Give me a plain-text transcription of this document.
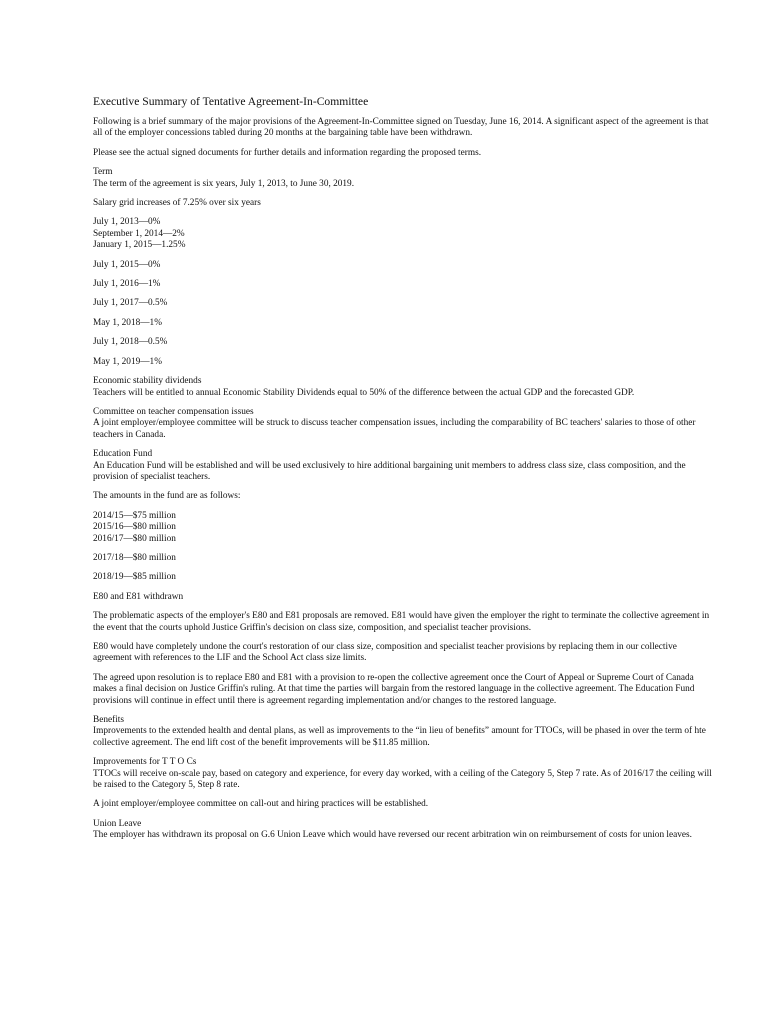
Executive Summary of Tentative Agreement-In-Committee
Following is a brief summary of the major provisions of the Agreement-In-Committee signed on Tuesday, June 16, 2014. A significant aspect of the agreement is that all of the employer concessions tabled during 20 months at the bargaining table have been withdrawn.
Please see the actual signed documents for further details and information regarding the proposed terms.
Term
The term of the agreement is six years, July 1, 2013, to June 30, 2019.
Salary grid increases of 7.25% over six years
July 1, 2013—0%
September 1, 2014—2%
January 1, 2015—1.25%
July 1, 2015—0%
July 1, 2016—1%
July 1, 2017—0.5%
May 1, 2018—1%
July 1, 2018—0.5%
May 1, 2019—1%
Economic stability dividends
Teachers will be entitled to annual Economic Stability Dividends equal to 50% of the difference between the actual GDP and the forecasted GDP.
Committee on teacher compensation issues
A joint employer/employee committee will be struck to discuss teacher compensation issues, including the comparability of BC teachers' salaries to those of other teachers in Canada.
Education Fund
An Education Fund will be established and will be used exclusively to hire additional bargaining unit members to address class size, class composition, and the provision of specialist teachers.
The amounts in the fund are as follows:
2014/15—$75 million
2015/16—$80 million
2016/17—$80 million
2017/18—$80 million
2018/19—$85 million
E80 and E81 withdrawn
The problematic aspects of the employer's E80 and E81 proposals are removed. E81 would have given the employer the right to terminate the collective agreement in the event that the courts uphold Justice Griffin's decision on class size, composition, and specialist teacher provisions.
E80 would have completely undone the court's restoration of our class size, composition and specialist teacher provisions by replacing them in our collective agreement with references to the LIF and the School Act class size limits.
The agreed upon resolution is to replace E80 and E81 with a provision to re-open the collective agreement once the Court of Appeal or Supreme Court of Canada makes a final decision on Justice Griffin's ruling. At that time the parties will bargain from the restored language in the collective agreement. The Education Fund provisions will continue in effect until there is agreement regarding implementation and/or changes to the restored language.
Benefits
Improvements to the extended health and dental plans, as well as improvements to the “in lieu of benefits” amount for TTOCs, will be phased in over the term of hte collective agreement. The end lift cost of the benefit improvements will be $11.85 million.
Improvements for T T O Cs
TTOCs will receive on-scale pay, based on category and experience, for every day worked, with a ceiling of the Category 5, Step 7 rate. As of 2016/17 the ceiling will be raised to the Category 5, Step 8 rate.
A joint employer/employee committee on call-out and hiring practices will be established.
Union Leave
The employer has withdrawn its proposal on G.6 Union Leave which would have reversed our recent arbitration win on reimbursement of costs for union leaves.
